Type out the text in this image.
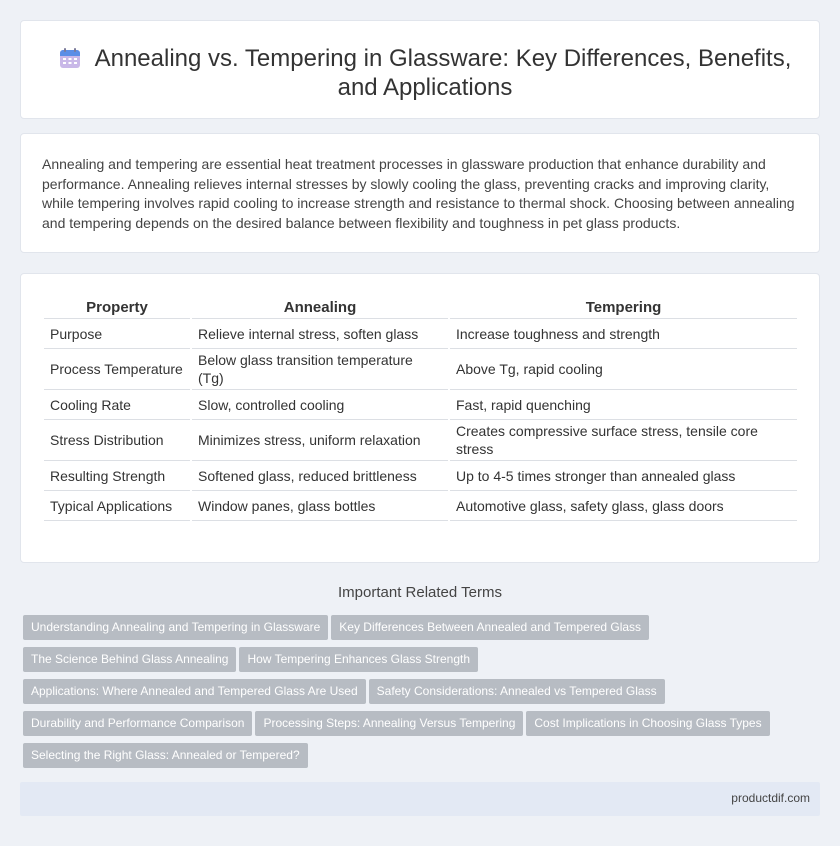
Annealing vs. Tempering in Glassware: Key Differences, Benefits, and Applications

Annealing and tempering are essential heat treatment processes in glassware production that enhance durability and performance. Annealing relieves internal stresses by slowly cooling the glass, preventing cracks and improving clarity, while tempering involves rapid cooling to increase strength and resistance to thermal shock. Choosing between annealing and tempering depends on the desired balance between flexibility and toughness in pet glass products.

Property	Annealing	Tempering
Purpose	Relieve internal stress, soften glass	Increase toughness and strength
Process Temperature	Below glass transition temperature (Tg)	Above Tg, rapid cooling
Cooling Rate	Slow, controlled cooling	Fast, rapid quenching
Stress Distribution	Minimizes stress, uniform relaxation	Creates compressive surface stress, tensile core stress
Resulting Strength	Softened glass, reduced brittleness	Up to 4-5 times stronger than annealed glass
Typical Applications	Window panes, glass bottles	Automotive glass, safety glass, glass doors
Important Related Terms
Understanding Annealing and Tempering in Glassware Key Differences Between Annealed and Tempered Glass
The Science Behind Glass Annealing How Tempering Enhances Glass Strength
Applications: Where Annealed and Tempered Glass Are Used Safety Considerations: Annealed vs Tempered Glass
Durability and Performance Comparison Processing Steps: Annealing Versus Tempering Cost Implications in Choosing Glass Types
Selecting the Right Glass: Annealed or Tempered?
productdif.com
